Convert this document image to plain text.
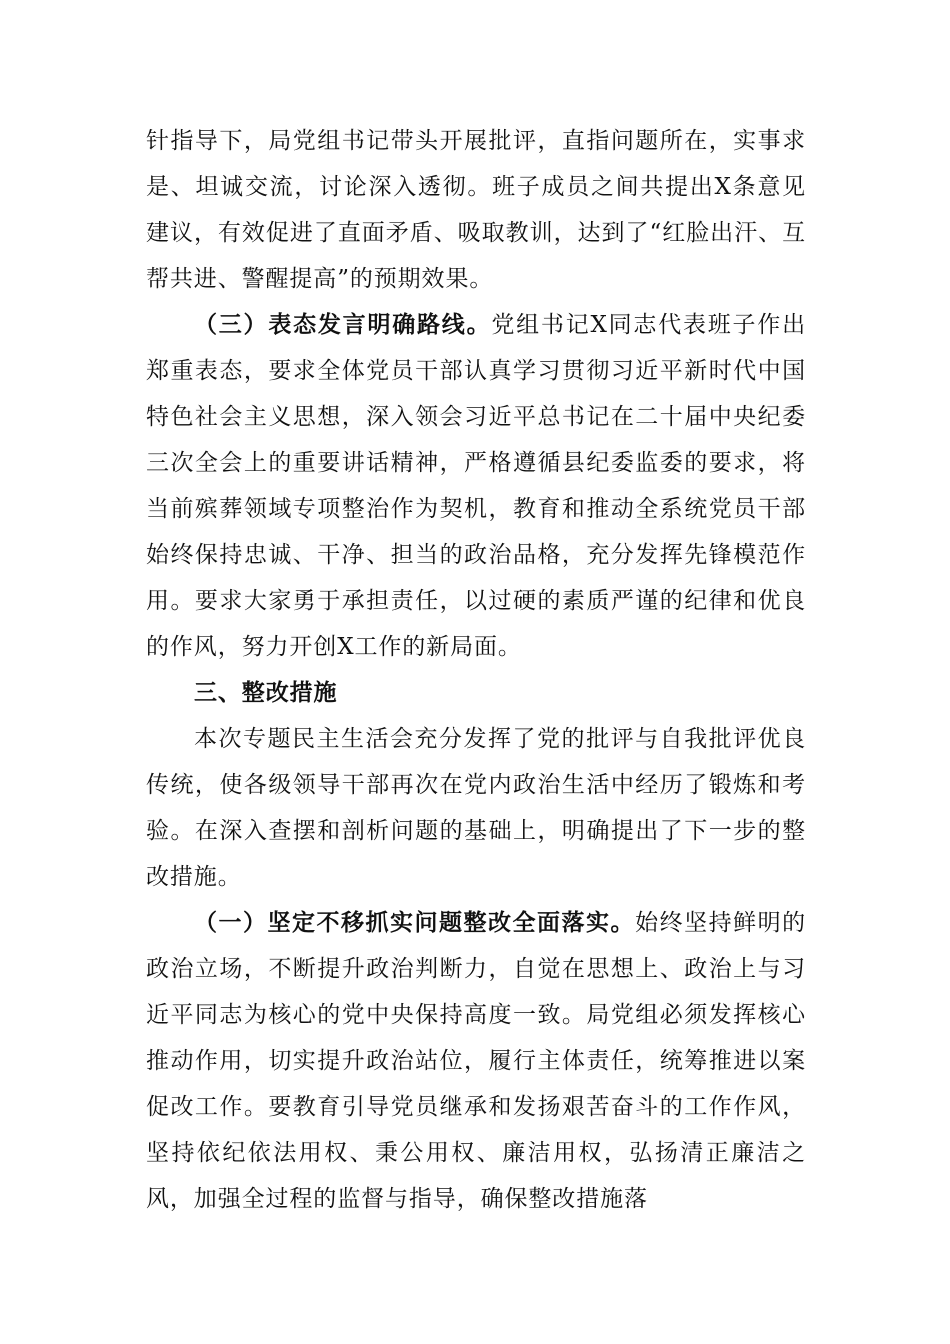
针指导下，局党组书记带头开展批评，直指问题所在，实事求是、坦诚交流，讨论深入透彻。班子成员之间共提出X条意见建议，有效促进了直面矛盾、吸取教训，达到了“红脸出汗、互帮共进、警醒提高”的预期效果。

（三）表态发言明确路线。党组书记X同志代表班子作出郑重表态，要求全体党员干部认真学习贯彻习近平新时代中国特色社会主义思想，深入领会习近平总书记在二十届中央纪委三次全会上的重要讲话精神，严格遵循县纪委监委的要求，将当前殡葬领域专项整治作为契机，教育和推动全系统党员干部始终保持忠诚、干净、担当的政治品格，充分发挥先锋模范作用。要求大家勇于承担责任，以过硬的素质严谨的纪律和优良的作风，努力开创X工作的新局面。

三、整改措施

本次专题民主生活会充分发挥了党的批评与自我批评优良传统，使各级领导干部再次在党内政治生活中经历了锻炼和考验。在深入查摆和剖析问题的基础上，明确提出了下一步的整改措施。

（一）坚定不移抓实问题整改全面落实。始终坚持鲜明的政治立场，不断提升政治判断力，自觉在思想上、政治上与习近平同志为核心的党中央保持高度一致。局党组必须发挥核心推动作用，切实提升政治站位，履行主体责任，统筹推进以案促改工作。要教育引导党员继承和发扬艰苦奋斗的工作作风，坚持依纪依法用权、秉公用权、廉洁用权，弘扬清正廉洁之风，加强全过程的监督与指导，确保整改措施落
